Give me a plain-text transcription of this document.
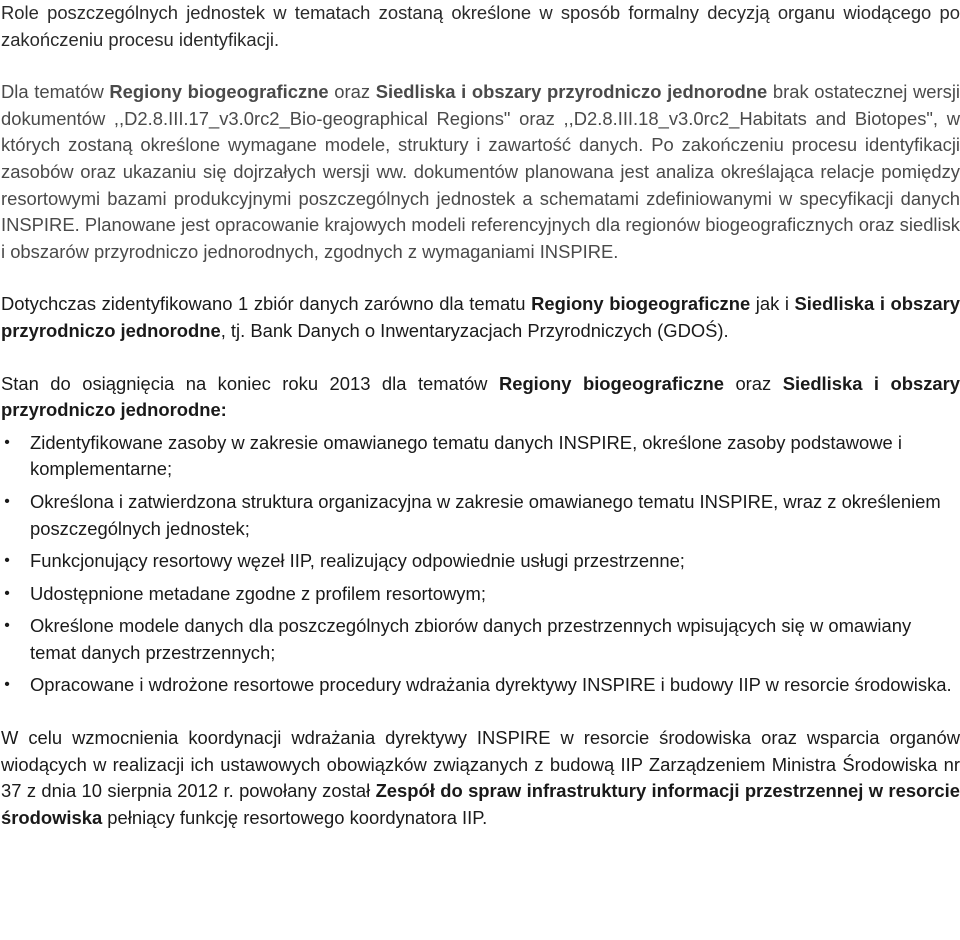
Role poszczególnych jednostek w tematach zostaną określone w sposób formalny decyzją organu wiodącego po zakończeniu procesu identyfikacji.

Dla tematów Regiony biogeograficzne oraz Siedliska i obszary przyrodniczo jednorodne brak ostatecznej wersji dokumentów ,,D2.8.III.17_v3.0rc2_Bio-geographical Regions" oraz ,,D2.8.III.18_v3.0rc2_Habitats and Biotopes", w których zostaną określone wymagane modele, struktury i zawartość danych. Po zakończeniu procesu identyfikacji zasobów oraz ukazaniu się dojrzałych wersji ww. dokumentów planowana jest analiza określająca relacje pomiędzy resortowymi bazami produkcyjnymi poszczególnych jednostek a schematami zdefiniowanymi w specyfikacji danych INSPIRE. Planowane jest opracowanie krajowych modeli referencyjnych dla regionów biogeograficznych oraz siedlisk i obszarów przyrodniczo jednorodnych, zgodnych z wymaganiami INSPIRE.

Dotychczas zidentyfikowano 1 zbiór danych zarówno dla tematu Regiony biogeograficzne jak i Siedliska i obszary przyrodniczo jednorodne, tj. Bank Danych o Inwentaryzacjach Przyrodniczych (GDOŚ).

Stan do osiągnięcia na koniec roku 2013 dla tematów Regiony biogeograficzne oraz Siedliska i obszary przyrodniczo jednorodne:

• Zidentyfikowane zasoby w zakresie omawianego tematu danych INSPIRE, określone zasoby podstawowe i komplementarne;
• Określona i zatwierdzona struktura organizacyjna w zakresie omawianego tematu INSPIRE, wraz z określeniem poszczególnych jednostek;
• Funkcjonujący resortowy węzeł IIP, realizujący odpowiednie usługi przestrzenne;
• Udostępnione metadane zgodne z profilem resortowym;
• Określone modele danych dla poszczególnych zbiorów danych przestrzennych wpisujących się w omawiany temat danych przestrzennych;
• Opracowane i wdrożone resortowe procedury wdrażania dyrektywy INSPIRE i budowy IIP w resorcie środowiska.

W celu wzmocnienia koordynacji wdrażania dyrektywy INSPIRE w resorcie środowiska oraz wsparcia organów wiodących w realizacji ich ustawowych obowiązków związanych z budową IIP Zarządzeniem Ministra Środowiska nr 37 z dnia 10 sierpnia 2012 r. powołany został Zespół do spraw infrastruktury informacji przestrzennej w resorcie środowiska pełniący funkcję resortowego koordynatora IIP.
